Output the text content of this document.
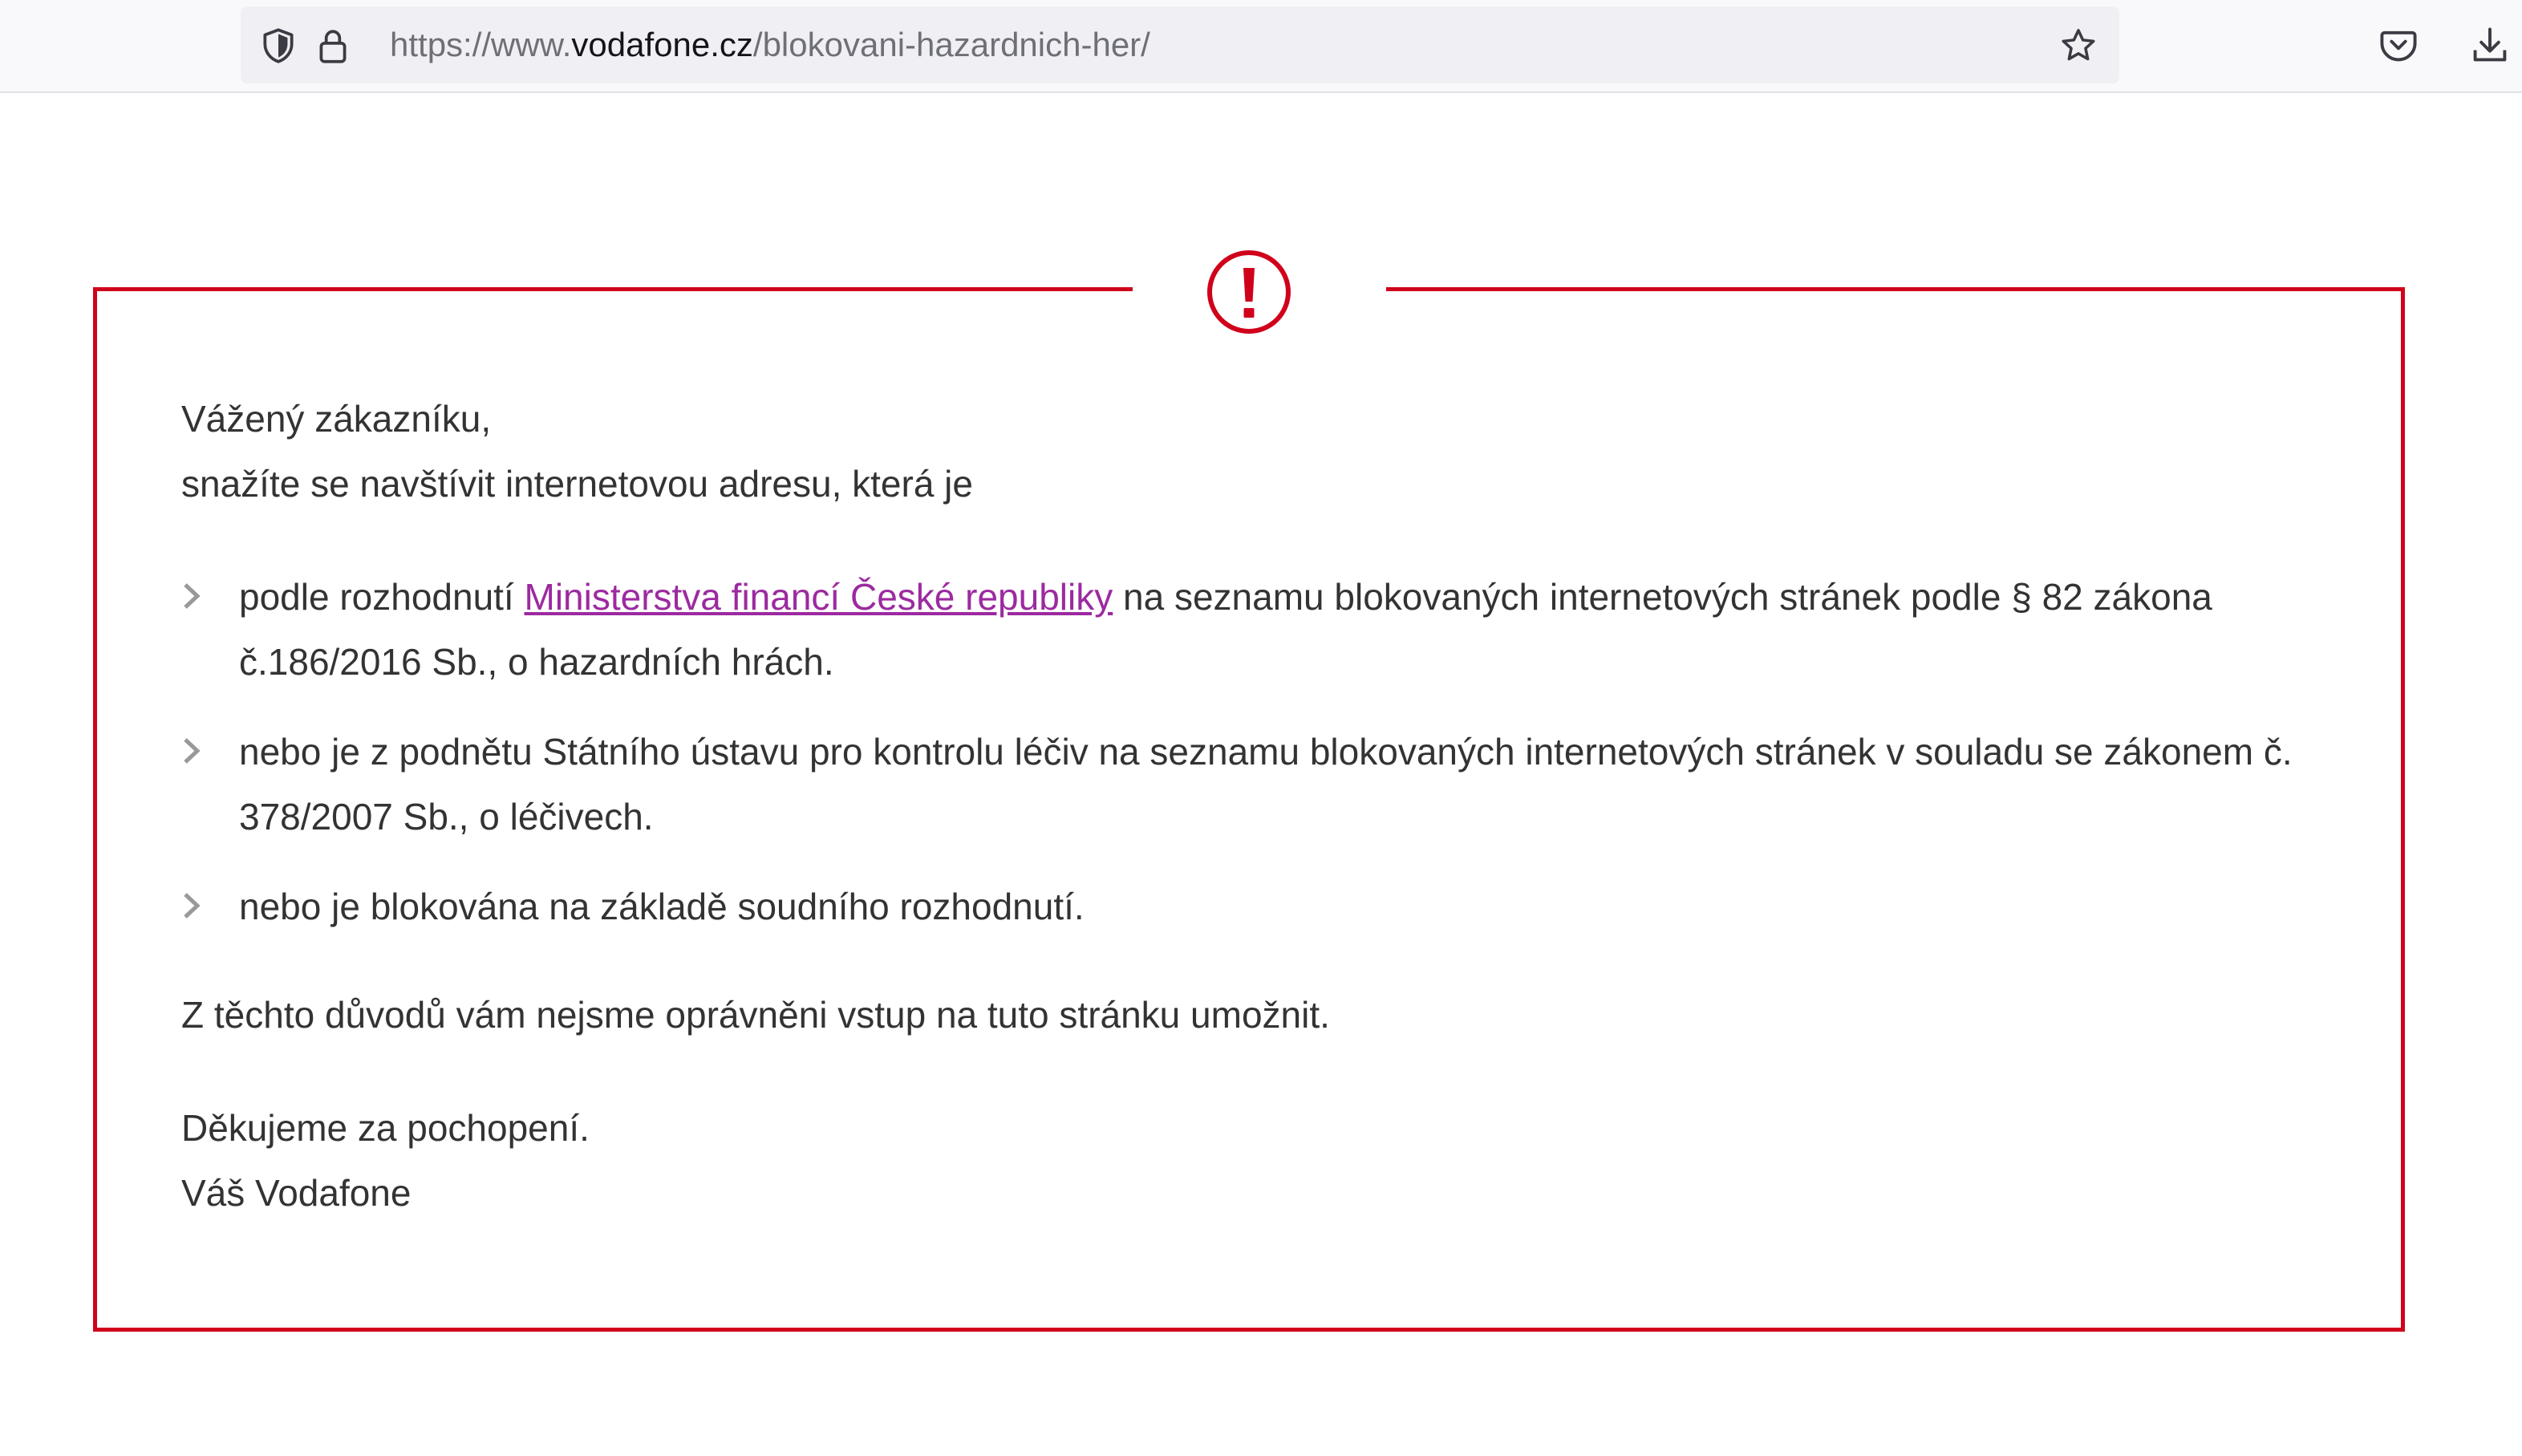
https://www.vodafone.cz/blokovani-hazardnich-her/

Vážený zákazníku,

snažíte se navštívit internetovou adresu, která je

podle rozhodnutí Ministerstva financí České republiky na seznamu blokovaných internetových stránek podle § 82 zákona č.186/2016 Sb., o hazardních hrách.
nebo je z podnětu Státního ústavu pro kontrolu léčiv na seznamu blokovaných internetových stránek v souladu se zákonem č. 378/2007 Sb., o léčivech.
nebo je blokována na základě soudního rozhodnutí.

Z těchto důvodů vám nejsme oprávněni vstup na tuto stránku umožnit.

Děkujeme za pochopení.

Váš Vodafone
